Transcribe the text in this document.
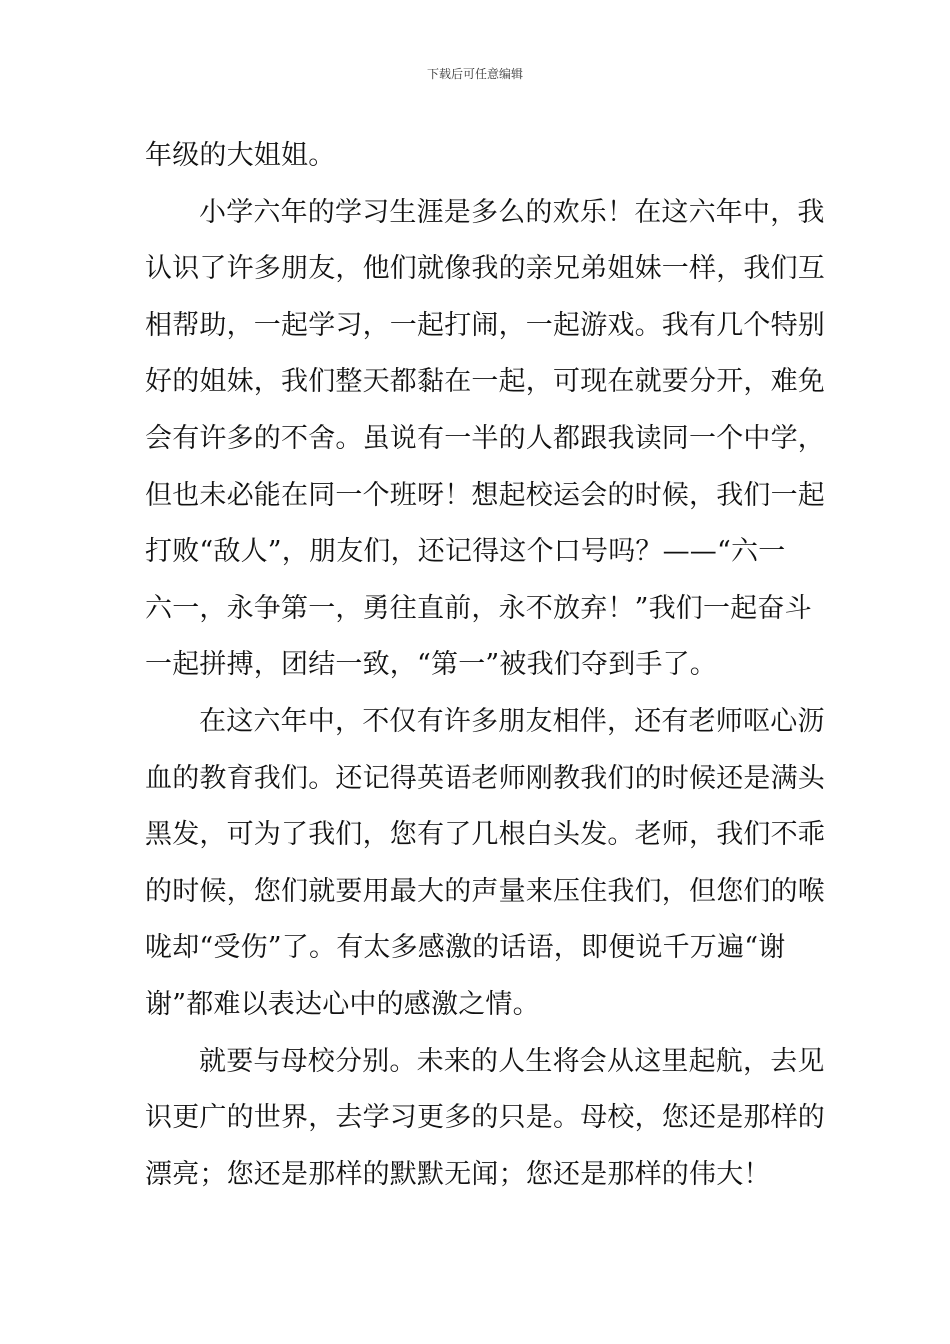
下载后可任意编辑
年级的大姐姐。
小学六年的学习生涯是多么的欢乐！在这六年中，我
认识了许多朋友，他们就像我的亲兄弟姐妹一样，我们互
相帮助，一起学习，一起打闹，一起游戏。我有几个特别
好的姐妹，我们整天都黏在一起，可现在就要分开，难免
会有许多的不舍。虽说有一半的人都跟我读同一个中学，
但也未必能在同一个班呀！想起校运会的时候，我们一起
打败“敌人”，朋友们，还记得这个口号吗？——“六一
六一，永争第一，勇往直前，永不放弃！”我们一起奋斗
一起拼搏，团结一致，“第一”被我们夺到手了。
在这六年中，不仅有许多朋友相伴，还有老师呕心沥
血的教育我们。还记得英语老师刚教我们的时候还是满头
黑发，可为了我们，您有了几根白头发。老师，我们不乖
的时候，您们就要用最大的声量来压住我们，但您们的喉
咙却“受伤”了。有太多感激的话语，即便说千万遍“谢
谢”都难以表达心中的感激之情。
就要与母校分别。未来的人生将会从这里起航，去见
识更广的世界，去学习更多的只是。母校，您还是那样的
漂亮；您还是那样的默默无闻；您还是那样的伟大！
